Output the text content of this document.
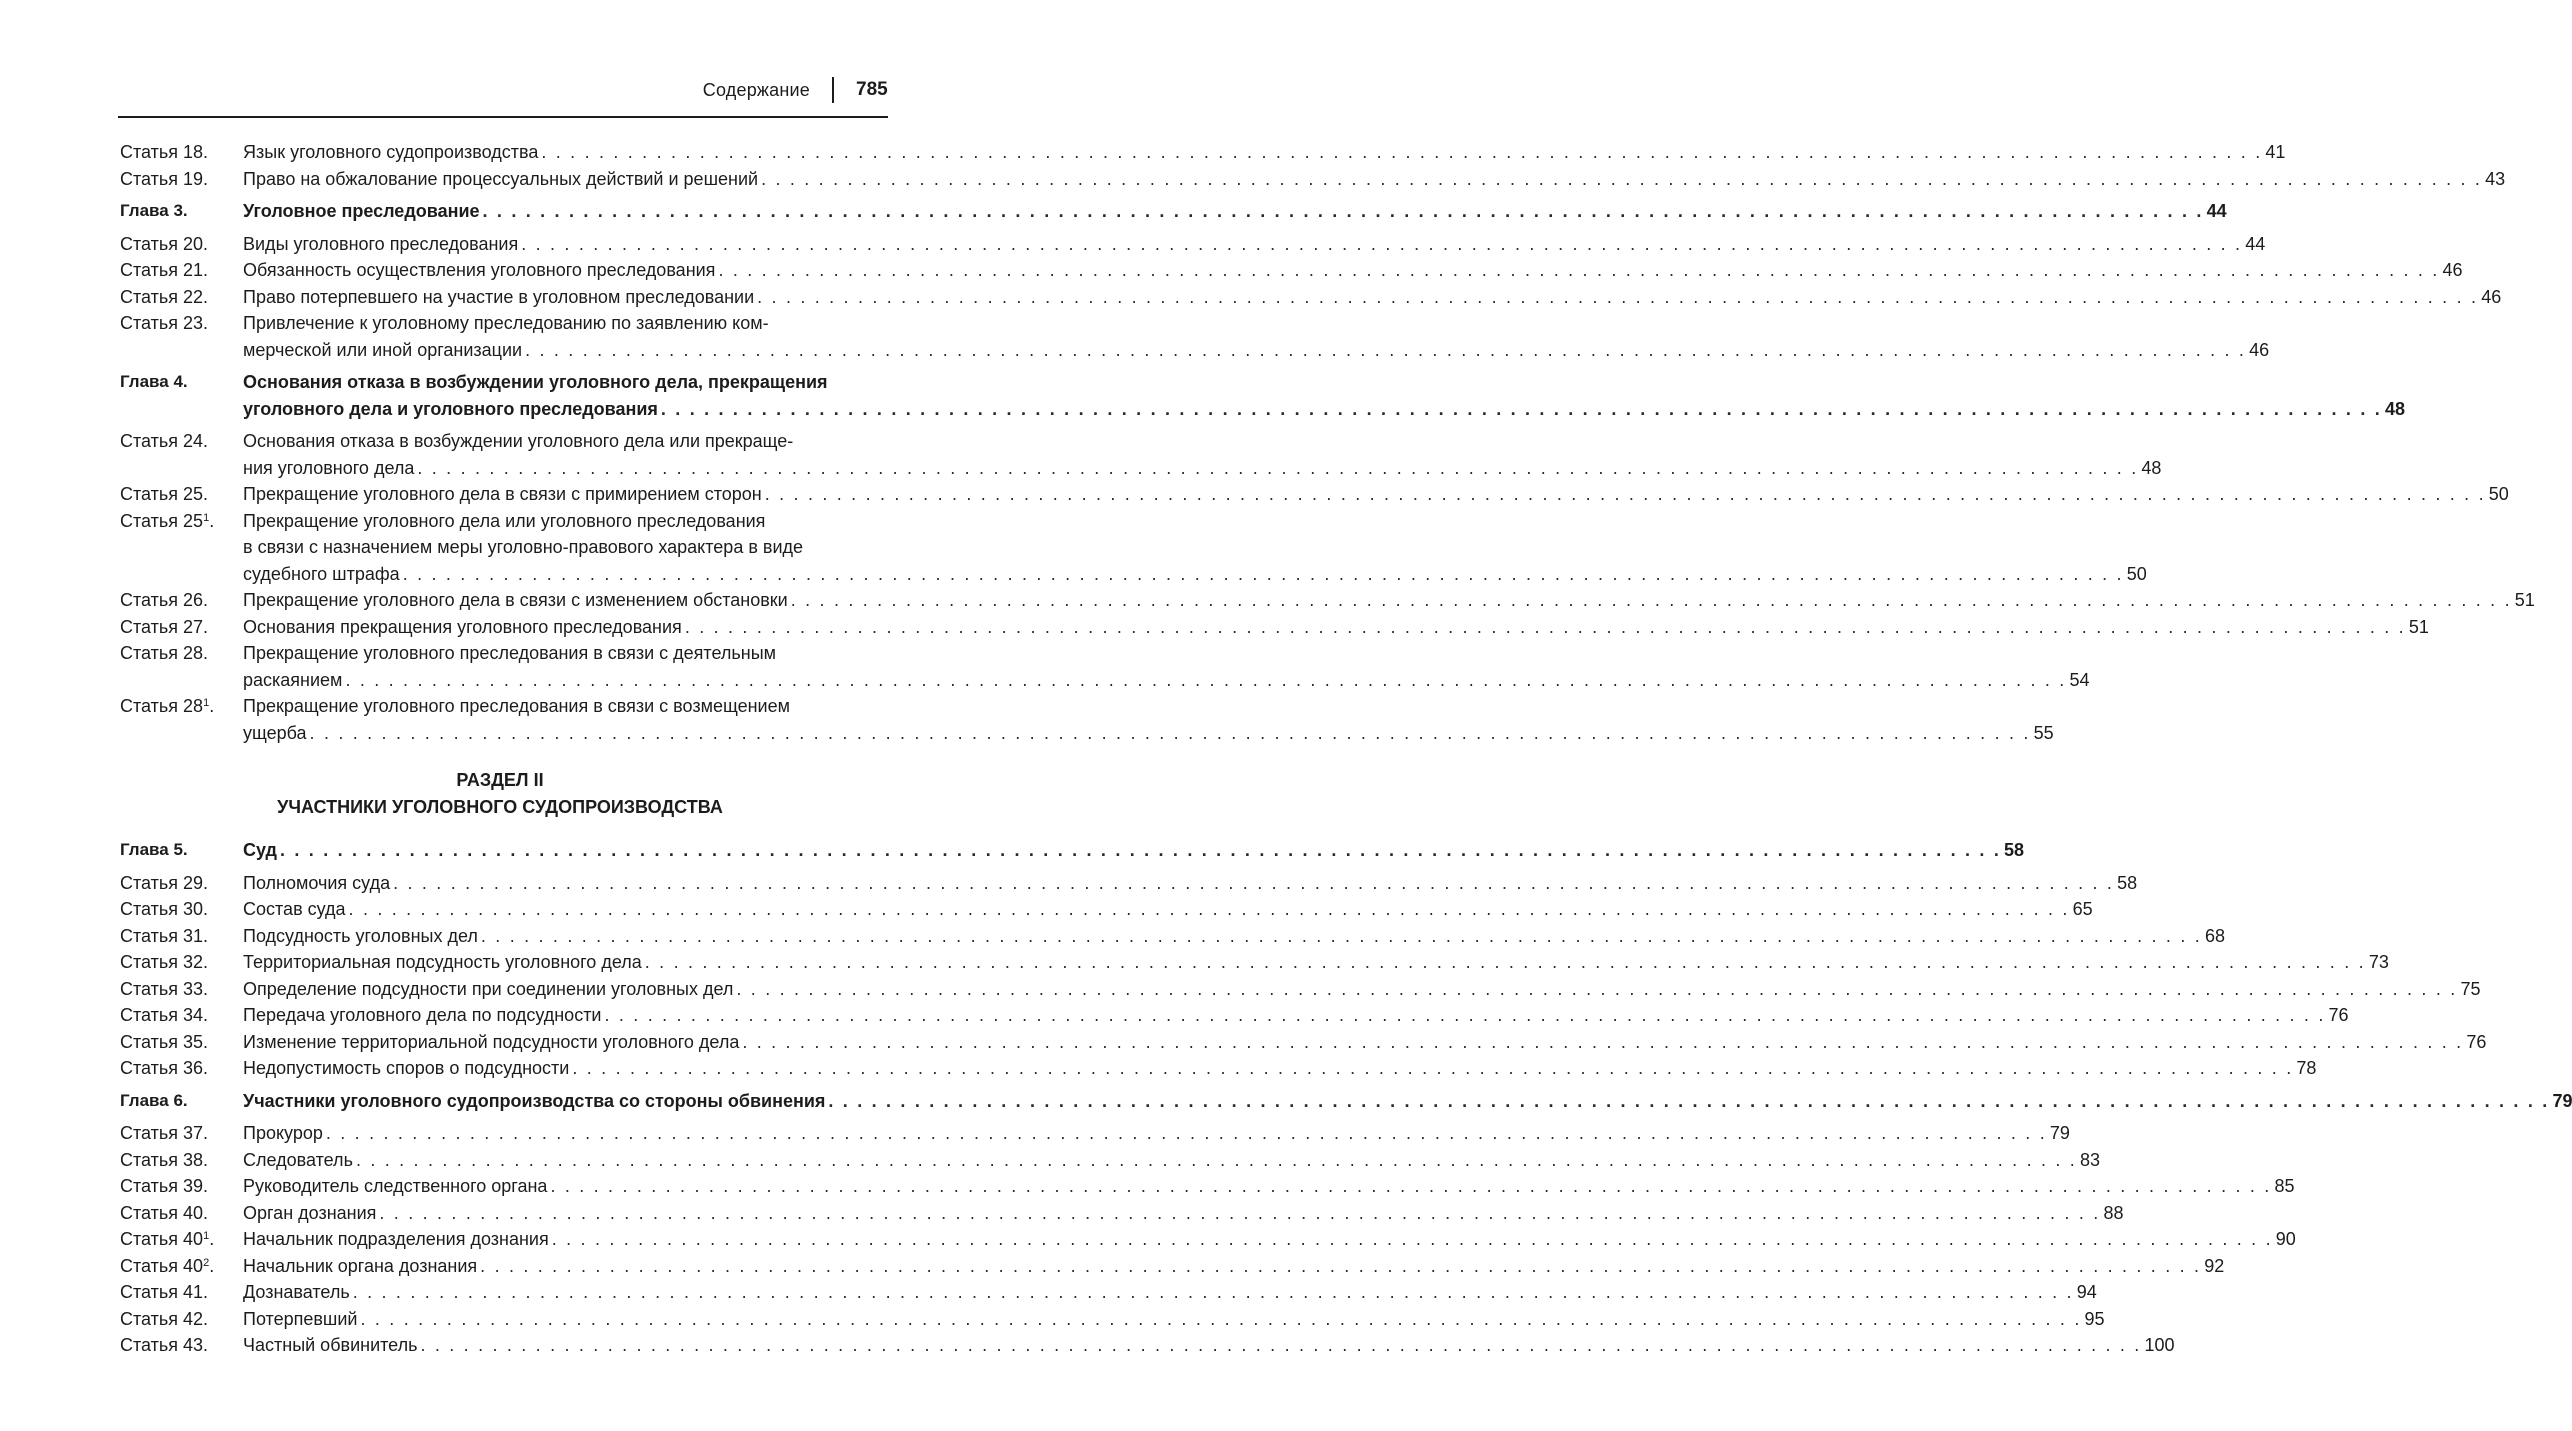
Содержание 785
РАЗДЕЛ II
УЧАСТНИКИ УГОЛОВНОГО СУДОПРОИЗВОДСТВА
Статья 18. Язык уголовного судопроизводства . . . . . . . . . . . . . . . . . . . . . . . . . . . . . . . . . . . . . . . . . . . . . . . . . . . . . . . . . . . . . . . . . . . . . . . . . . . . . . . . . . . . . . . . . . . . . . . . . . . . . . . . . . . . . . . . . . . . . . . . 41
Статья 19. Право на обжалование процессуальных действий и решений . . . . . . . . . . . . . . . . . . . . . . . . . . . . . . . . . . . . . . . . . . . . . . . . . . . . . . . . . . . . . . . . . . . . . . . . . . . . . . . . . . . . . . . . . . . . . . . . . . . . . . . . . . . . . . . . . . . . . . . . 43
Глава 3.	Уголовное преследование . . . . . . . . . . . . . . . . . . . . . . . . . . . . . . . . . . . . . . . . . . . . . . . . . . . . . . . . . . . . . . . . . . . . . . . . . . . . . . . . . . . . . . . . . . . . . . . . . . . . . . . . . . . . . . . . . . . . . . . . 44
Статья 20. Виды уголовного преследования . . . . . . . . . . . . . . . . . . . . . . . . . . . . . . . . . . . . . . . . . . . . . . . . . . . . . . . . . . . . . . . . . . . . . . . . . . . . . . . . . . . . . . . . . . . . . . . . . . . . . . . . . . . . . . . . . . . . . . . . 44
Статья 21. Обязанность осуществления уголовного преследования . . . . . . . . . . . . . . . . . . . . . . . . . . . . . . . . . . . . . . . . . . . . . . . . . . . . . . . . . . . . . . . . . . . . . . . . . . . . . . . . . . . . . . . . . . . . . . . . . . . . . . . . . . . . . . . . . . . . . . . . 46
Статья 22. Право потерпевшего на участие в уголовном преследовании . . . . . . . . . . . . . . . . . . . . . . . . . . . . . . . . . . . . . . . . . . . . . . . . . . . . . . . . . . . . . . . . . . . . . . . . . . . . . . . . . . . . . . . . . . . . . . . . . . . . . . . . . . . . . . . . . . . . . . . . 46
Статья 23. Привлечение к уголовному преследованию по заявлению ком-
мерческой или иной организации . . . . . . . . . . . . . . . . . . . . . . . . . . . . . . . . . . . . . . . . . . . . . . . . . . . . . . . . . . . . . . . . . . . . . . . . . . . . . . . . . . . . . . . . . . . . . . . . . . . . . . . . . . . . . . . . . . . . . . . . 46
Глава 4.	Основания отказа в возбуждении уголовного дела, прекращения
уголовного дела и уголовного преследования . . . . . . . . . . . . . . . . . . . . . . . . . . . . . . . . . . . . . . . . . . . . . . . . . . . . . . . . . . . . . . . . . . . . . . . . . . . . . . . . . . . . . . . . . . . . . . . . . . . . . . . . . . . . . . . . . . . . . . . . 48
Статья 24. Основания отказа в возбуждении уголовного дела или прекраще-
ния уголовного дела . . . . . . . . . . . . . . . . . . . . . . . . . . . . . . . . . . . . . . . . . . . . . . . . . . . . . . . . . . . . . . . . . . . . . . . . . . . . . . . . . . . . . . . . . . . . . . . . . . . . . . . . . . . . . . . . . . . . . . . . 48
Статья 25. Прекращение уголовного дела в связи с примирением сторон . . . . . . . . . . . . . . . . . . . . . . . . . . . . . . . . . . . . . . . . . . . . . . . . . . . . . . . . . . . . . . . . . . . . . . . . . . . . . . . . . . . . . . . . . . . . . . . . . . . . . . . . . . . . . . . . . . . . . . . . 50
Статья $25^1$. Прекращение уголовного дела или уголовного преследования
в связи с назначением меры уголовно-правового характера в виде
судебного штрафа . . . . . . . . . . . . . . . . . . . . . . . . . . . . . . . . . . . . . . . . . . . . . . . . . . . . . . . . . . . . . . . . . . . . . . . . . . . . . . . . . . . . . . . . . . . . . . . . . . . . . . . . . . . . . . . . . . . . . . . . 50
Статья 26. Прекращение уголовного дела в связи с изменением обстановки . . . . . . . . . . . . . . . . . . . . . . . . . . . . . . . . . . . . . . . . . . . . . . . . . . . . . . . . . . . . . . . . . . . . . . . . . . . . . . . . . . . . . . . . . . . . . . . . . . . . . . . . . . . . . . . . . . . . . . . . 51
Статья 27. Основания прекращения уголовного преследования . . . . . . . . . . . . . . . . . . . . . . . . . . . . . . . . . . . . . . . . . . . . . . . . . . . . . . . . . . . . . . . . . . . . . . . . . . . . . . . . . . . . . . . . . . . . . . . . . . . . . . . . . . . . . . . . . . . . . . . . 51
Статья 28. Прекращение уголовного преследования в связи с деятельным
раскаянием . . . . . . . . . . . . . . . . . . . . . . . . . . . . . . . . . . . . . . . . . . . . . . . . . . . . . . . . . . . . . . . . . . . . . . . . . . . . . . . . . . . . . . . . . . . . . . . . . . . . . . . . . . . . . . . . . . . . . . . . 54
Статья $28^1$. Прекращение уголовного преследования в связи с возмещением
ущерба . . . . . . . . . . . . . . . . . . . . . . . . . . . . . . . . . . . . . . . . . . . . . . . . . . . . . . . . . . . . . . . . . . . . . . . . . . . . . . . . . . . . . . . . . . . . . . . . . . . . . . . . . . . . . . . . . . . . . . . . 55
Глава 5.	Суд . . . . . . . . . . . . . . . . . . . . . . . . . . . . . . . . . . . . . . . . . . . . . . . . . . . . . . . . . . . . . . . . . . . . . . . . . . . . . . . . . . . . . . . . . . . . . . . . . . . . . . . . . . . . . . . . . . . . . . . . 58
Статья 29. Полномочия суда . . . . . . . . . . . . . . . . . . . . . . . . . . . . . . . . . . . . . . . . . . . . . . . . . . . . . . . . . . . . . . . . . . . . . . . . . . . . . . . . . . . . . . . . . . . . . . . . . . . . . . . . . . . . . . . . . . . . . . . . 58
Статья 30. Состав суда . . . . . . . . . . . . . . . . . . . . . . . . . . . . . . . . . . . . . . . . . . . . . . . . . . . . . . . . . . . . . . . . . . . . . . . . . . . . . . . . . . . . . . . . . . . . . . . . . . . . . . . . . . . . . . . . . . . . . . . . 65
Статья 31. Подсудность уголовных дел . . . . . . . . . . . . . . . . . . . . . . . . . . . . . . . . . . . . . . . . . . . . . . . . . . . . . . . . . . . . . . . . . . . . . . . . . . . . . . . . . . . . . . . . . . . . . . . . . . . . . . . . . . . . . . . . . . . . . . . . 68
Статья 32. Территориальная подсудность уголовного дела . . . . . . . . . . . . . . . . . . . . . . . . . . . . . . . . . . . . . . . . . . . . . . . . . . . . . . . . . . . . . . . . . . . . . . . . . . . . . . . . . . . . . . . . . . . . . . . . . . . . . . . . . . . . . . . . . . . . . . . . 73
Статья 33. Определение подсудности при соединении уголовных дел . . . . . . . . . . . . . . . . . . . . . . . . . . . . . . . . . . . . . . . . . . . . . . . . . . . . . . . . . . . . . . . . . . . . . . . . . . . . . . . . . . . . . . . . . . . . . . . . . . . . . . . . . . . . . . . . . . . . . . . . 75
Статья 34. Передача уголовного дела по подсудности . . . . . . . . . . . . . . . . . . . . . . . . . . . . . . . . . . . . . . . . . . . . . . . . . . . . . . . . . . . . . . . . . . . . . . . . . . . . . . . . . . . . . . . . . . . . . . . . . . . . . . . . . . . . . . . . . . . . . . . . 76
Статья 35. Изменение территориальной подсудности уголовного дела . . . . . . . . . . . . . . . . . . . . . . . . . . . . . . . . . . . . . . . . . . . . . . . . . . . . . . . . . . . . . . . . . . . . . . . . . . . . . . . . . . . . . . . . . . . . . . . . . . . . . . . . . . . . . . . . . . . . . . . . 76
Статья 36. Недопустимость споров о подсудности . . . . . . . . . . . . . . . . . . . . . . . . . . . . . . . . . . . . . . . . . . . . . . . . . . . . . . . . . . . . . . . . . . . . . . . . . . . . . . . . . . . . . . . . . . . . . . . . . . . . . . . . . . . . . . . . . . . . . . . . 78
Глава 6.	Участники уголовного судопроизводства со стороны обвинения . . . . . . . . . . . . . . . . . . . . . . . . . . . . . . . . . . . . . . . . . . . . . . . . . . . . . . . . . . . . . . . . . . . . . . . . . . . . . . . . . . . . . . . . . . . . . . . . . . . . . . . . . . . . . . . . . . . . . . . . 79
Статья 37. Прокурор . . . . . . . . . . . . . . . . . . . . . . . . . . . . . . . . . . . . . . . . . . . . . . . . . . . . . . . . . . . . . . . . . . . . . . . . . . . . . . . . . . . . . . . . . . . . . . . . . . . . . . . . . . . . . . . . . . . . . . . . 79
Статья 38. Следователь . . . . . . . . . . . . . . . . . . . . . . . . . . . . . . . . . . . . . . . . . . . . . . . . . . . . . . . . . . . . . . . . . . . . . . . . . . . . . . . . . . . . . . . . . . . . . . . . . . . . . . . . . . . . . . . . . . . . . . . . 83
Статья 39. Руководитель следственного органа . . . . . . . . . . . . . . . . . . . . . . . . . . . . . . . . . . . . . . . . . . . . . . . . . . . . . . . . . . . . . . . . . . . . . . . . . . . . . . . . . . . . . . . . . . . . . . . . . . . . . . . . . . . . . . . . . . . . . . . . 85
Статья 40. Орган дознания . . . . . . . . . . . . . . . . . . . . . . . . . . . . . . . . . . . . . . . . . . . . . . . . . . . . . . . . . . . . . . . . . . . . . . . . . . . . . . . . . . . . . . . . . . . . . . . . . . . . . . . . . . . . . . . . . . . . . . . . 88
Статья $40^1$. Начальник подразделения дознания . . . . . . . . . . . . . . . . . . . . . . . . . . . . . . . . . . . . . . . . . . . . . . . . . . . . . . . . . . . . . . . . . . . . . . . . . . . . . . . . . . . . . . . . . . . . . . . . . . . . . . . . . . . . . . . . . . . . . . . . 90
Статья $40^2$. Начальник органа дознания . . . . . . . . . . . . . . . . . . . . . . . . . . . . . . . . . . . . . . . . . . . . . . . . . . . . . . . . . . . . . . . . . . . . . . . . . . . . . . . . . . . . . . . . . . . . . . . . . . . . . . . . . . . . . . . . . . . . . . . . 92
Статья 41. Дознаватель . . . . . . . . . . . . . . . . . . . . . . . . . . . . . . . . . . . . . . . . . . . . . . . . . . . . . . . . . . . . . . . . . . . . . . . . . . . . . . . . . . . . . . . . . . . . . . . . . . . . . . . . . . . . . . . . . . . . . . . . 94
Статья 42. Потерпевший . . . . . . . . . . . . . . . . . . . . . . . . . . . . . . . . . . . . . . . . . . . . . . . . . . . . . . . . . . . . . . . . . . . . . . . . . . . . . . . . . . . . . . . . . . . . . . . . . . . . . . . . . . . . . . . . . . . . . . . . 95
Статья 43. Частный обвинитель . . . . . . . . . . . . . . . . . . . . . . . . . . . . . . . . . . . . . . . . . . . . . . . . . . . . . . . . . . . . . . . . . . . . . . . . . . . . . . . . . . . . . . . . . . . . . . . . . . . . . . . . . . . . . . . . . . . . . . . . 100
